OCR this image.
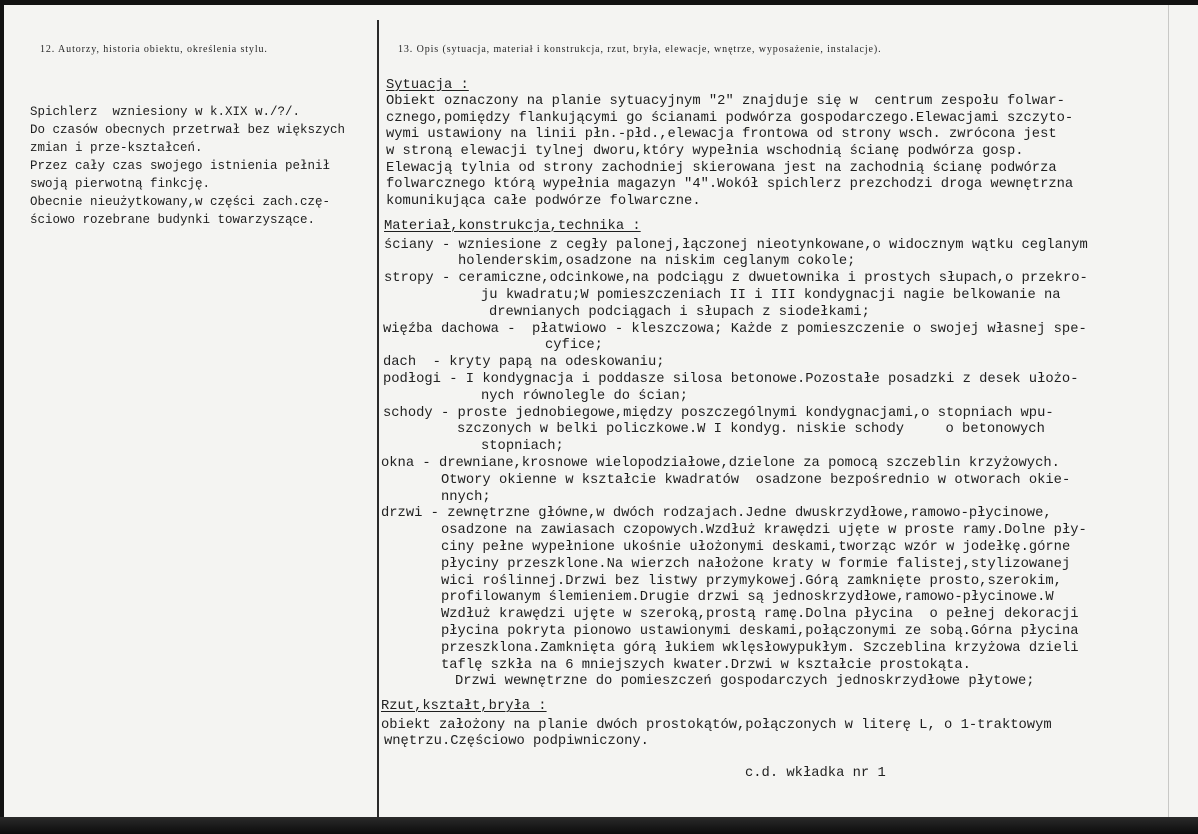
12. Autorzy, historia obiektu, określenia stylu.
Spichlerz  wzniesiony w k.XIX w./?/.
Do czasów obecnych przetrwał bez większych
zmian i prze-kształceń.
Przez cały czas swojego istnienia pełnił
swoją pierwotną finkcję.
Obecnie nieużytkowany,w części zach.czę-
ściowo rozebrane budynki towarzyszące.
13. Opis (sytuacja, materiał i konstrukcja, rzut, bryła, elewacje, wnętrze, wyposażenie, instalacje).
Sytuacja :
Obiekt oznaczony na planie sytuacyjnym "2" znajduje się w  centrum zespołu folwar-
cznego,pomiędzy flankującymi go ścianami podwórza gospodarczego.Elewacjami szczyto-
wymi ustawiony na linii płn.-płd.,elewacja frontowa od strony wsch. zwrócona jest
w stroną elewacji tylnej dworu,który wypełnia wschodnią ścianę podwórza gosp.
Elewacją tylnia od strony zachodniej skierowana jest na zachodnią ścianę podwórza
folwarcznego którą wypełnia magazyn "4".Wokół spichlerz prezchodzi droga wewnętrzna
komunikująca całe podwórze folwarczne.
Materiał,konstrukcja,technika :
ściany - wzniesione z cegły palonej,łączonej nieotynkowane,o widocznym wątku ceglanym
holenderskim,osadzone na niskim ceglanym cokole;
stropy - ceramiczne,odcinkowe,na podciągu z dwuetownika i prostych słupach,o przekro-
ju kwadratu;W pomieszczeniach II i III kondygnacji nagie belkowanie na
drewnianych podciągach i słupach z siodełkami;
więźba dachowa -  płatwiowo - kleszczowa; Każde z pomieszczenie o swojej własnej spe-
cyfice;
dach  - kryty papą na odeskowaniu;
podłogi - I kondygnacja i poddasze silosa betonowe.Pozostałe posadzki z desek ułożo-
nych równolegle do ścian;
schody - proste jednobiegowe,między poszczególnymi kondygnacjami,o stopniach wpu-
szczonych w belki policzkowe.W I kondyg. niskie schody     o betonowych
stopniach;
okna - drewniane,krosnowe wielopodziałowe,dzielone za pomocą szczeblin krzyżowych.
Otwory okienne w kształcie kwadratów  osadzone bezpośrednio w otworach okie-
nnych;
drzwi - zewnętrzne główne,w dwóch rodzajach.Jedne dwuskrzydłowe,ramowo-płycinowe,
osadzone na zawiasach czopowych.Wzdłuż krawędzi ujęte w proste ramy.Dolne pły-
ciny pełne wypełnione ukośnie ułożonymi deskami,tworząc wzór w jodełkę.górne
płyciny przeszklone.Na wierzch nałożone kraty w formie falistej,stylizowanej
wici roślinnej.Drzwi bez listwy przymykowej.Górą zamknięte prosto,szerokim,
profilowanym ślemieniem.Drugie drzwi są jednoskrzydłowe,ramowo-płycinowe.W
Wzdłuż krawędzi ujęte w szeroką,prostą ramę.Dolna płycina  o pełnej dekoracji
płycina pokryta pionowo ustawionymi deskami,połączonymi ze sobą.Górna płycina
przeszklona.Zamknięta górą łukiem wklęsłowypukłym. Szczeblina krzyżowa dzieli
taflę szkła na 6 mniejszych kwater.Drzwi w kształcie prostokąta.
Drzwi wewnętrzne do pomieszczeń gospodarczych jednoskrzydłowe płytowe;
Rzut,kształt,bryła :
obiekt założony na planie dwóch prostokątów,połączonych w literę L, o 1-traktowym
wnętrzu.Częściowo podpiwniczony.
c.d. wkładka nr 1
